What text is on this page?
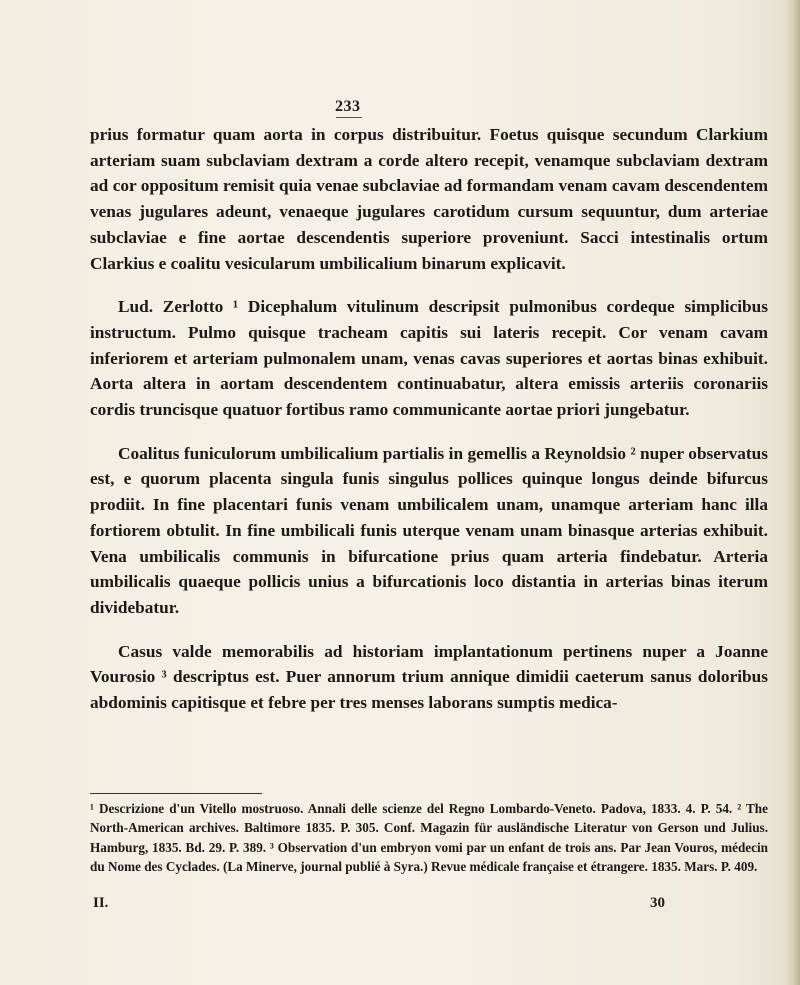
233

prius formatur quam aorta in corpus distribuitur. Foetus quisque secundum Clarkium arteriam suam subclaviam dextram a corde altero recepit, venamque subclaviam dextram ad cor oppositum remisit quia venae subclaviae ad formandam venam cavam descendentem venas jugulares adeunt, venaeque jugulares carotidum cursum sequuntur, dum arteriae subclaviae e fine aortae descendentis superiore proveniunt. Sacci intestinalis ortum Clarkius e coalitu vesicularum umbilicalium binarum explicavit.

Lud. Zerlotto ¹ Dicephalum vitulinum descripsit pulmonibus cordeque simplicibus instructum. Pulmo quisque tracheam capitis sui lateris recepit. Cor venam cavam inferiorem et arteriam pulmonalem unam, venas cavas superiores et aortas binas exhibuit. Aorta altera in aortam descendentem continuabatur, altera emissis arteriis coronariis cordis truncisque quatuor fortibus ramo communicante aortae priori jungebatur.

Coalitus funiculorum umbilicalium partialis in gemellis a Reynoldsio ² nuper observatus est, e quorum placenta singula funis singulus pollices quinque longus deinde bifurcus prodiit. In fine placentari funis venam umbilicalem unam, unamque arteriam hanc illa fortiorem obtulit. In fine umbilicali funis uterque venam unam binasque arterias exhibuit. Vena umbilicalis communis in bifurcatione prius quam arteria findebatur. Arteria umbilicalis quaeque pollicis unius a bifurcationis loco distantia in arterias binas iterum dividebatur.

Casus valde memorabilis ad historiam implantationum pertinens nuper a Joanne Vourosio ³ descriptus est. Puer annorum trium annique dimidii caeterum sanus doloribus abdominis capitisque et febre per tres menses laborans sumptis medica-

¹ Descrizione d'un Vitello mostruoso. Annali delle scienze del Regno Lombardo-Veneto. Padova, 1833. 4. P. 54. ² The North-American archives. Baltimore 1835. P. 305. Conf. Magazin für ausländische Literatur von Gerson und Julius. Hamburg, 1835. Bd. 29. P. 389. ³ Observation d'un embryon vomi par un enfant de trois ans. Par Jean Vouros, médecin du Nome des Cyclades. (La Minerve, journal publié à Syra.) Revue médicale française et étrangere. 1835. Mars. P. 409.
II.	30
